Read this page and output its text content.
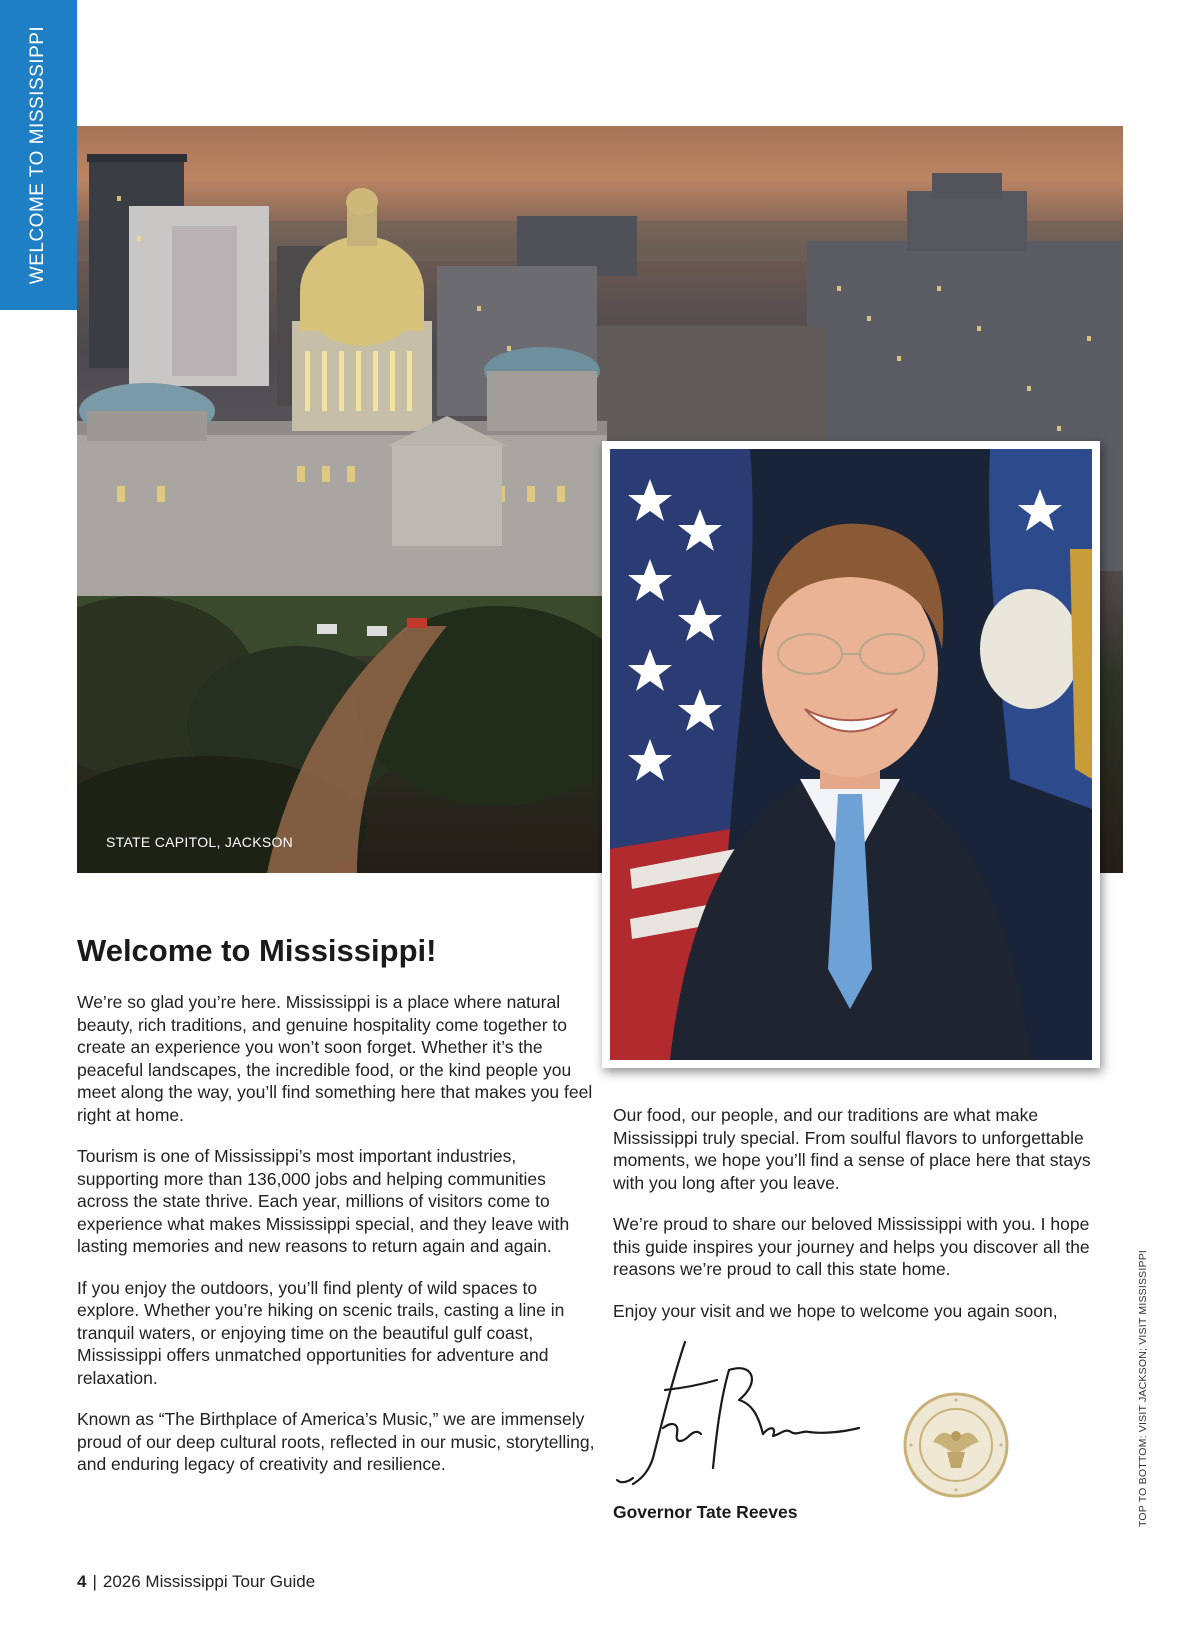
WELCOME TO MISSISSIPPI
STATE CAPITOL, JACKSON
Welcome to Mississippi!

We’re so glad you’re here. Mississippi is a place where natural beauty, rich traditions, and genuine hospitality come together to create an experience you won’t soon forget. Whether it’s the peaceful landscapes, the incredible food, or the kind people you meet along the way, you’ll find something here that makes you feel right at home.

Tourism is one of Mississippi’s most important industries, supporting more than 136,000 jobs and helping communities across the state thrive. Each year, millions of visitors come to experience what makes Mississippi special, and they leave with lasting memories and new reasons to return again and again.

If you enjoy the outdoors, you’ll find plenty of wild spaces to explore. Whether you’re hiking on scenic trails, casting a line in tranquil waters, or enjoying time on the beautiful gulf coast, Mississippi offers unmatched opportunities for adventure and relaxation.

Known as “The Birthplace of America’s Music,” we are immensely proud of our deep cultural roots, reflected in our music, storytelling, and enduring legacy of creativity and resilience.

Our food, our people, and our traditions are what make Mississippi truly special. From soulful flavors to unforgettable moments, we hope you’ll find a sense of place here that stays with you long after you leave.

We’re proud to share our beloved Mississippi with you. I hope this guide inspires your journey and helps you discover all the reasons we’re proud to call this state home.

Enjoy your visit and we hope to welcome you again soon,

Governor Tate Reeves	TOP TO BOTTOM: VISIT JACKSON; VISIT MISSISSIPPI
4 | 2026 Mississippi Tour Guide
